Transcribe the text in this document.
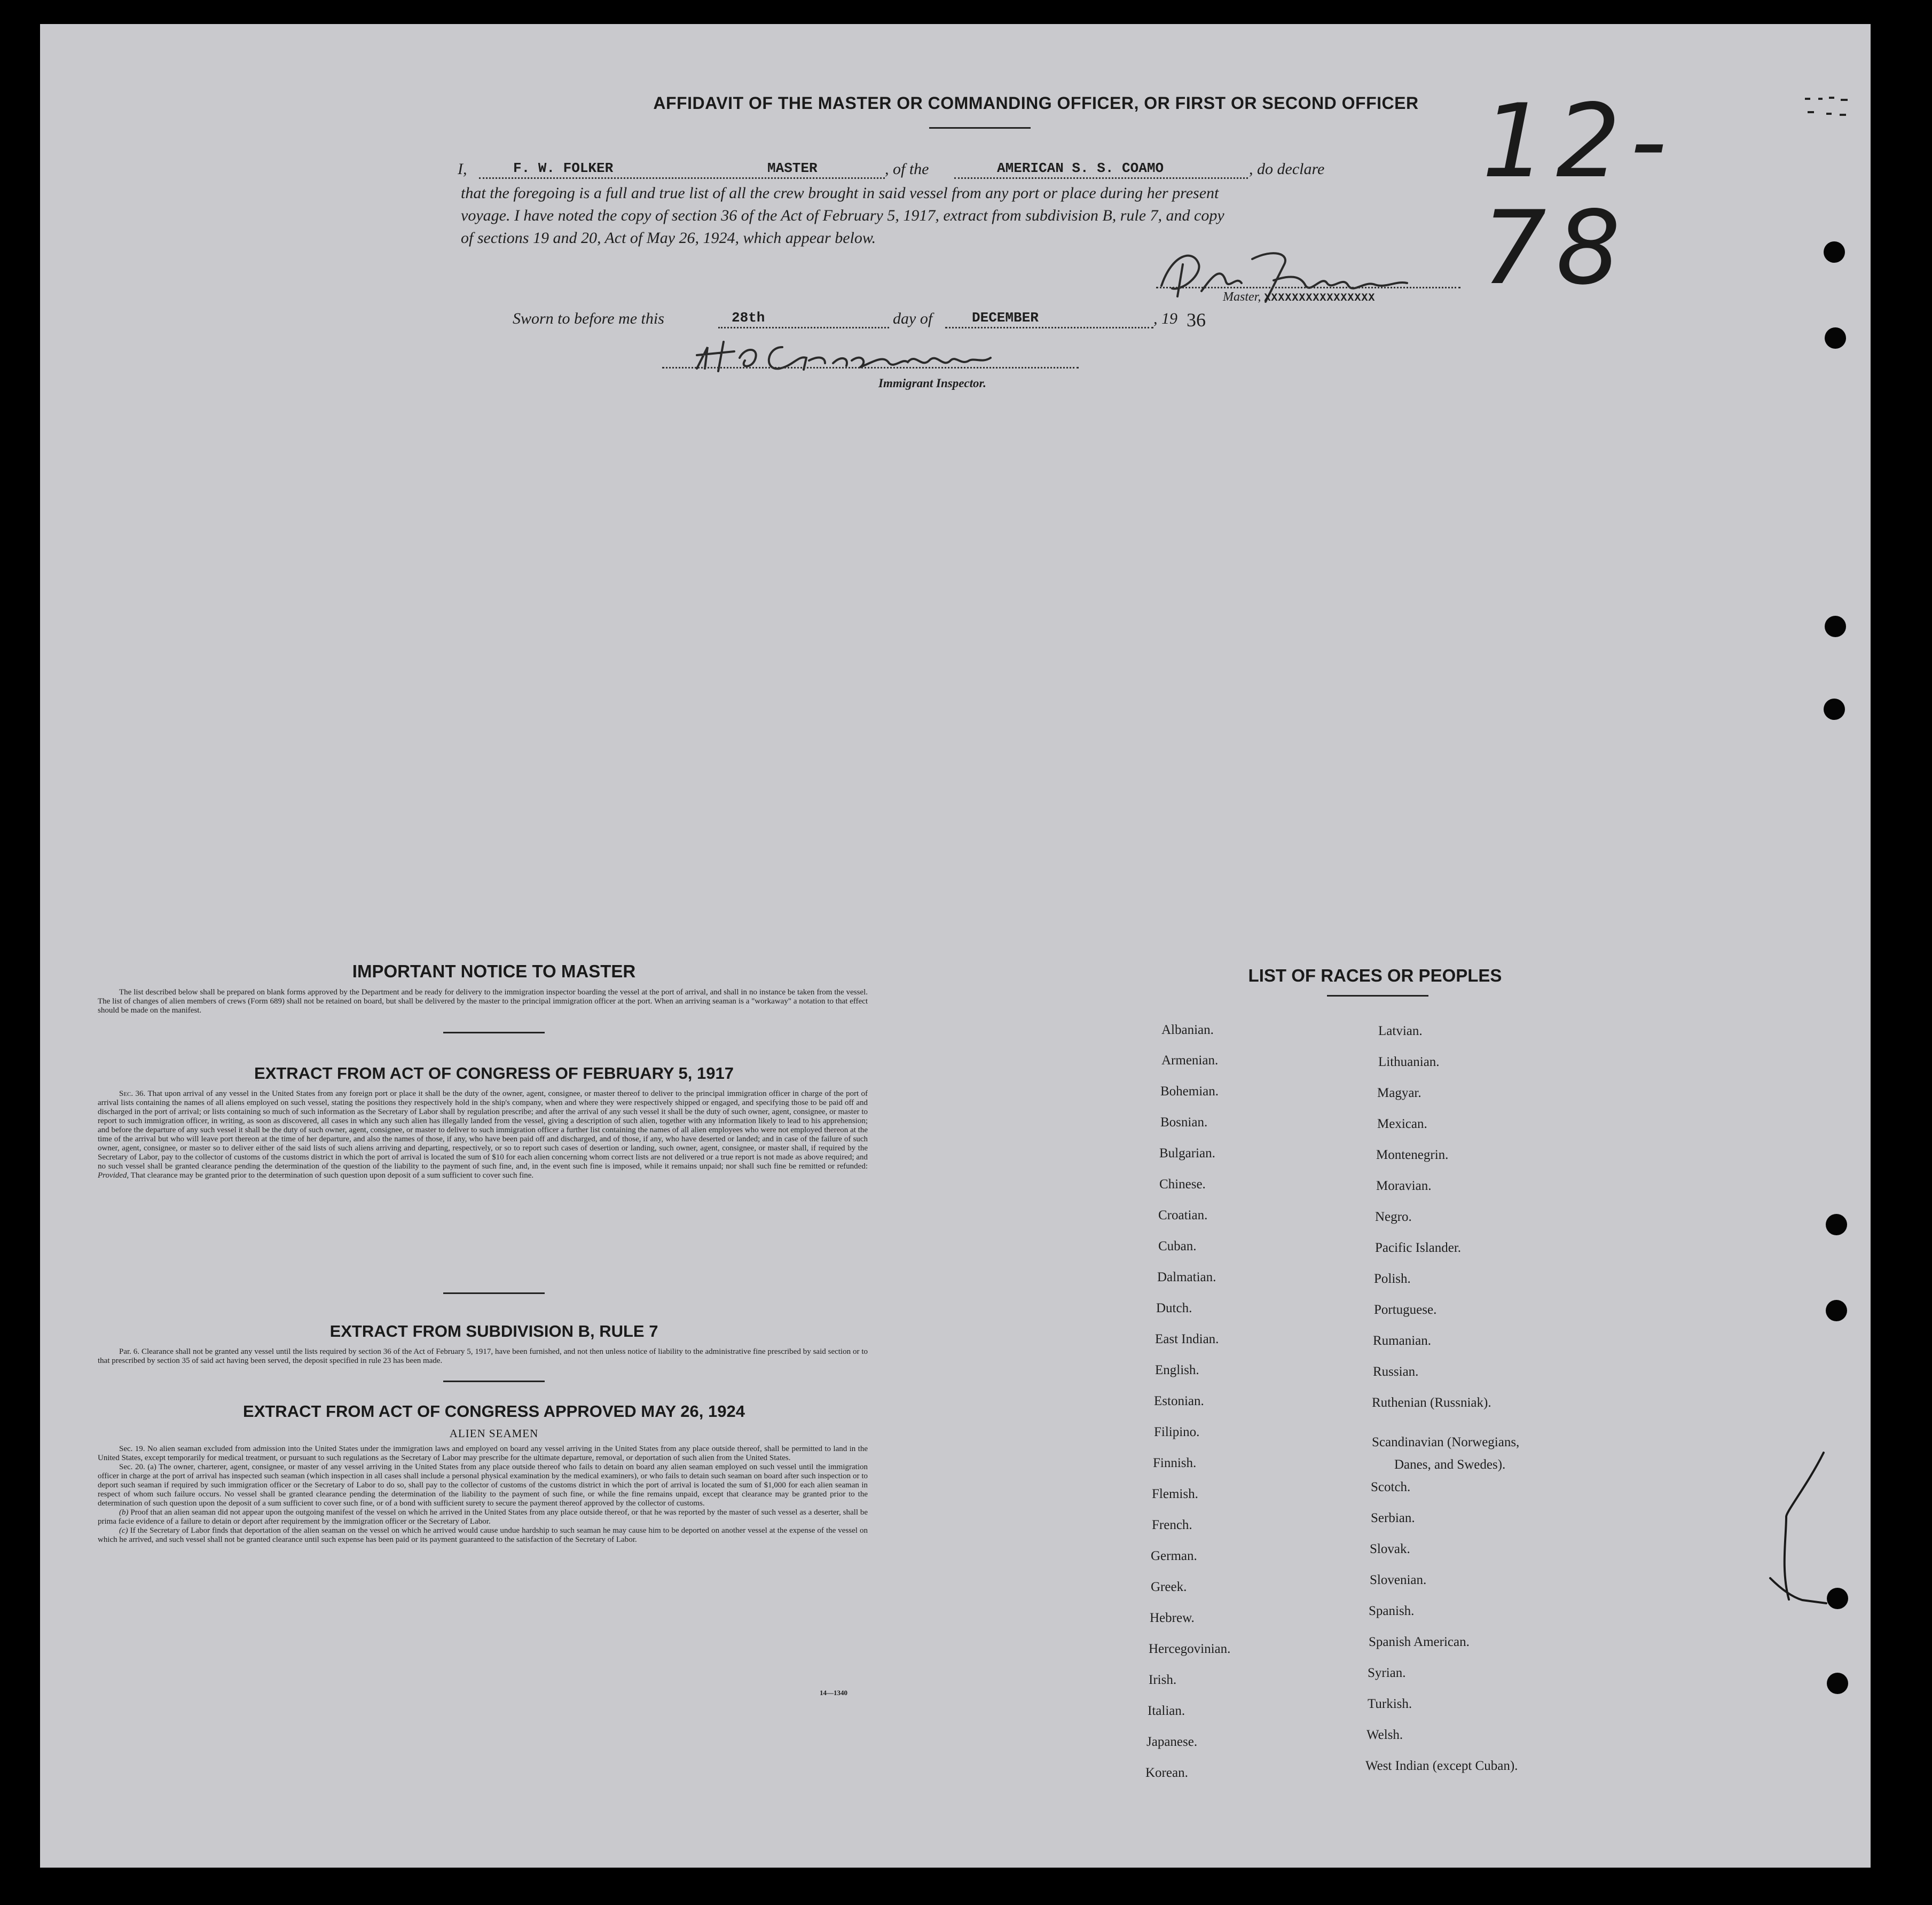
12-78
AFFIDAVIT OF THE MASTER OR COMMANDING OFFICER, OR FIRST OR SECOND OFFICER
I,	F. W. FOLKER	MASTER	, of the	AMERICAN S. S. COAMO	, do declare
that the foregoing is a full and true list of all the crew brought in said vessel from any port or place during her present
voyage. I have noted the copy of section 36 of the Act of February 5, 1917, extract from subdivision B, rule 7, and copy
of sections 19 and 20, Act of May 26, 1924, which appear below.
Master, XXXXXXXXXXXXXXXX
Sworn to before me this	28th	day of	DECEMBER	, 19 36
Immigrant Inspector.
IMPORTANT NOTICE TO MASTER

The list described below shall be prepared on blank forms approved by the Department and be ready for delivery to the immigration inspector boarding the vessel at the port of arrival, and shall in no instance be taken from the vessel. The list of changes of alien members of crews (Form 689) shall not be retained on board, but shall be delivered by the master to the principal immigration officer at the port. When an arriving seaman is a "workaway" a notation to that effect should be made on the manifest.

EXTRACT FROM ACT OF CONGRESS OF FEBRUARY 5, 1917

Sec. 36. That upon arrival of any vessel in the United States from any foreign port or place it shall be the duty of the owner, agent, consignee, or master thereof to deliver to the principal immigration officer in charge of the port of arrival lists containing the names of all aliens employed on such vessel, stating the positions they respectively hold in the ship's company, when and where they were respectively shipped or engaged, and specifying those to be paid off and discharged in the port of arrival; or lists containing so much of such information as the Secretary of Labor shall by regulation prescribe; and after the arrival of any such vessel it shall be the duty of such owner, agent, consignee, or master to report to such immigration officer, in writing, as soon as discovered, all cases in which any such alien has illegally landed from the vessel, giving a description of such alien, together with any information likely to lead to his apprehension; and before the departure of any such vessel it shall be the duty of such owner, agent, consignee, or master to deliver to such immigration officer a further list containing the names of all alien employees who were not employed thereon at the time of the arrival but who will leave port thereon at the time of her departure, and also the names of those, if any, who have been paid off and discharged, and of those, if any, who have deserted or landed; and in case of the failure of such owner, agent, consignee, or master so to deliver either of the said lists of such aliens arriving and departing, respectively, or so to report such cases of desertion or landing, such owner, agent, consignee, or master shall, if required by the Secretary of Labor, pay to the collector of customs of the customs district in which the port of arrival is located the sum of $10 for each alien concerning whom correct lists are not delivered or a true report is not made as above required; and no such vessel shall be granted clearance pending the determination of the question of the liability to the payment of such fine, and, in the event such fine is imposed, while it remains unpaid; nor shall such fine be remitted or refunded: Provided, That clearance may be granted prior to the determination of such question upon deposit of a sum sufficient to cover such fine.

EXTRACT FROM SUBDIVISION B, RULE 7

Par. 6. Clearance shall not be granted any vessel until the lists required by section 36 of the Act of February 5, 1917, have been furnished, and not then unless notice of liability to the administrative fine prescribed by said section or to that prescribed by section 35 of said act having been served, the deposit specified in rule 23 has been made.

EXTRACT FROM ACT OF CONGRESS APPROVED MAY 26, 1924
ALIEN SEAMEN

Sec. 19. No alien seaman excluded from admission into the United States under the immigration laws and employed on board any vessel arriving in the United States from any place outside thereof, shall be permitted to land in the United States, except temporarily for medical treatment, or pursuant to such regulations as the Secretary of Labor may prescribe for the ultimate departure, removal, or deportation of such alien from the United States.

Sec. 20. (a) The owner, charterer, agent, consignee, or master of any vessel arriving in the United States from any place outside thereof who fails to detain on board any alien seaman employed on such vessel until the immigration officer in charge at the port of arrival has inspected such seaman (which inspection in all cases shall include a personal physical examination by the medical examiners), or who fails to detain such seaman on board after such inspection or to deport such seaman if required by such immigration officer or the Secretary of Labor to do so, shall pay to the collector of customs of the customs district in which the port of arrival is located the sum of $1,000 for each alien seaman in respect of whom such failure occurs. No vessel shall be granted clearance pending the determination of the liability to the payment of such fine, or while the fine remains unpaid, except that clearance may be granted prior to the determination of such question upon the deposit of a sum sufficient to cover such fine, or of a bond with sufficient surety to secure the payment thereof approved by the collector of customs.

(b) Proof that an alien seaman did not appear upon the outgoing manifest of the vessel on which he arrived in the United States from any place outside thereof, or that he was reported by the master of such vessel as a deserter, shall be prima facie evidence of a failure to detain or deport after requirement by the immigration officer or the Secretary of Labor.

(c) If the Secretary of Labor finds that deportation of the alien seaman on the vessel on which he arrived would cause undue hardship to such seaman he may cause him to be deported on another vessel at the expense of the vessel on which he arrived, and such vessel shall not be granted clearance until such expense has been paid or its payment guaranteed to the satisfaction of the Secretary of Labor.

14—1340
LIST OF RACES OR PEOPLES
Albanian.
Armenian.
Bohemian.
Bosnian.
Bulgarian.
Chinese.
Croatian.
Cuban.
Dalmatian.
Dutch.
East Indian.
English.
Estonian.
Filipino.
Finnish.
Flemish.
French.
German.
Greek.
Hebrew.
Hercegovinian.
Irish.
Italian.
Japanese.
Korean.
Latvian.
Lithuanian.
Magyar.
Mexican.
Montenegrin.
Moravian.
Negro.
Pacific Islander.
Polish.
Portuguese.
Rumanian.
Russian.
Ruthenian (Russniak).
Scandinavian (Norwegians,
Scotch.
Serbian.
Slovak.
Slovenian.
Spanish.
Spanish American.
Syrian.
Turkish.
Welsh.
West Indian (except Cuban).
Danes, and Swedes).
